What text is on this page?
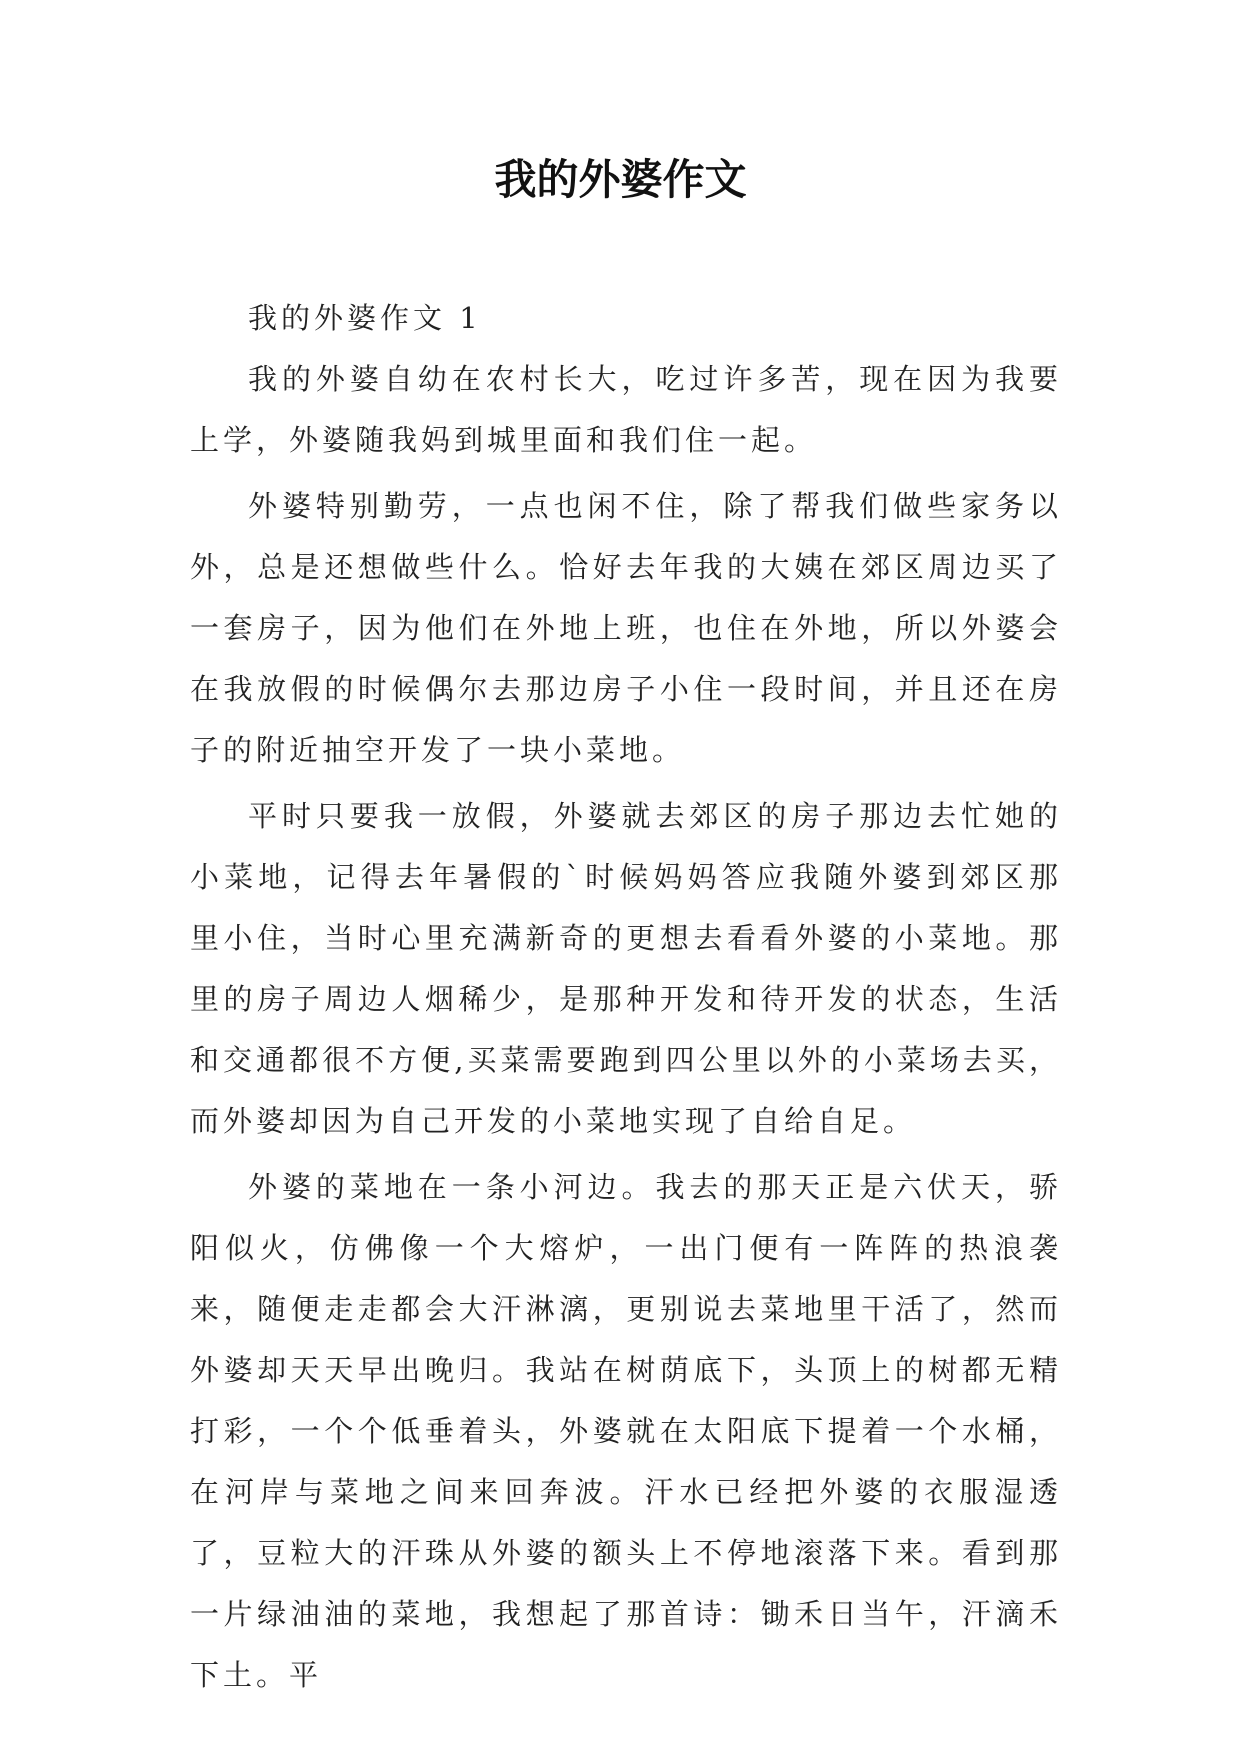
我的外婆作文

我的外婆作文 1

我的外婆自幼在农村长大，吃过许多苦，现在因为我要上学，外婆随我妈到城里面和我们住一起。

外婆特别勤劳，一点也闲不住，除了帮我们做些家务以外，总是还想做些什么。恰好去年我的大姨在郊区周边买了一套房子，因为他们在外地上班，也住在外地，所以外婆会在我放假的时候偶尔去那边房子小住一段时间，并且还在房子的附近抽空开发了一块小菜地。

平时只要我一放假，外婆就去郊区的房子那边去忙她的小菜地，记得去年暑假的`时候妈妈答应我随外婆到郊区那里小住，当时心里充满新奇的更想去看看外婆的小菜地。那里的房子周边人烟稀少，是那种开发和待开发的状态，生活和交通都很不方便,买菜需要跑到四公里以外的小菜场去买，而外婆却因为自己开发的小菜地实现了自给自足。

外婆的菜地在一条小河边。我去的那天正是六伏天，骄阳似火，仿佛像一个大熔炉，一出门便有一阵阵的热浪袭来，随便走走都会大汗淋漓，更别说去菜地里干活了，然而外婆却天天早出晚归。我站在树荫底下，头顶上的树都无精打彩，一个个低垂着头，外婆就在太阳底下提着一个水桶，在河岸与菜地之间来回奔波。汗水已经把外婆的衣服湿透了，豆粒大的汗珠从外婆的额头上不停地滚落下来。看到那一片绿油油的菜地，我想起了那首诗：锄禾日当午，汗滴禾下土。平
